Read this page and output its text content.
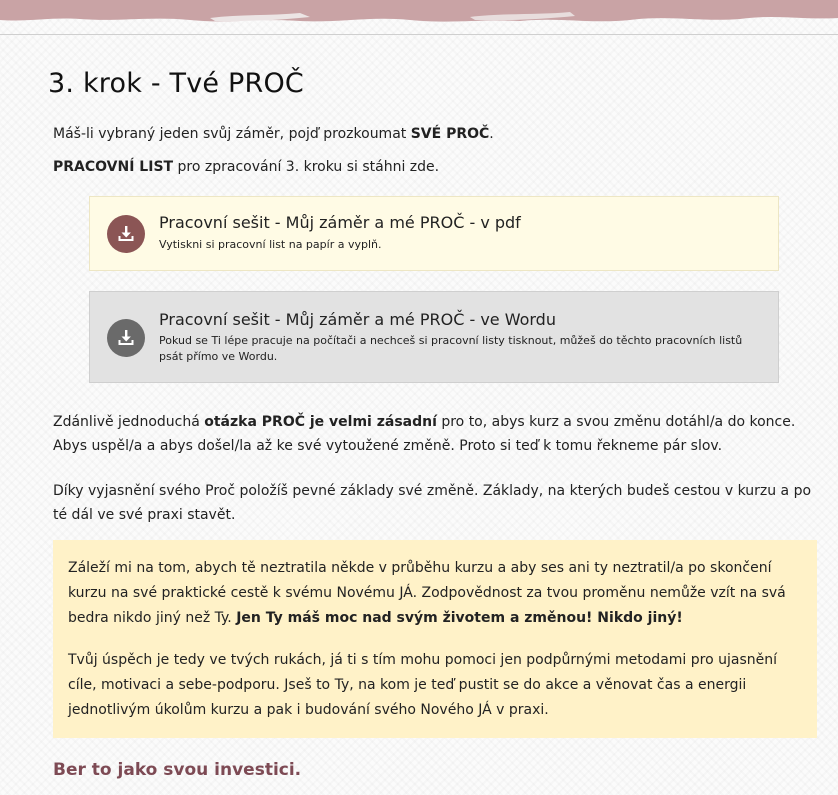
3. krok - Tvé PROČ

Máš-li vybraný jeden svůj záměr, pojď prozkoumat SVÉ PROČ.

PRACOVNÍ LIST pro zpracování 3. kroku si stáhni zde.

Pracovní sešit - Můj záměr a mé PROČ - v pdf

Vytiskni si pracovní list na papír a vyplň.

Pracovní sešit - Můj záměr a mé PROČ - ve Wordu

Pokud se Ti lépe pracuje na počítači a nechceš si pracovní listy tisknout, můžeš do těchto pracovních listů psát přímo ve Wordu.

Zdánlivě jednoduchá otázka PROČ je velmi zásadní pro to, abys kurz a svou změnu dotáhl/a do konce. Abys uspěl/a a abys došel/la až ke své vytoužené změně. Proto si teď k tomu řekneme pár slov.

Díky vyjasnění svého Proč položíš pevné základy své změně. Základy, na kterých budeš cestou v kurzu a po té dál ve své praxi stavět.

Záleží mi na tom, abych tě neztratila někde v průběhu kurzu a aby ses ani ty neztratil/a po skončení kurzu na své praktické cestě k svému Novému JÁ. Zodpovědnost za tvou proměnu nemůže vzít na svá bedra nikdo jiný než Ty. Jen Ty máš moc nad svým životem a změnou! Nikdo jiný!

Tvůj úspěch je tedy ve tvých rukách, já ti s tím mohu pomoci jen podpůrnými metodami pro ujasnění cíle, motivaci a sebe-podporu. Jseš to Ty, na kom je teď pustit se do akce a věnovat čas a energii jednotlivým úkolům kurzu a pak i budování svého Nového JÁ v praxi.

Ber to jako svou investici.
